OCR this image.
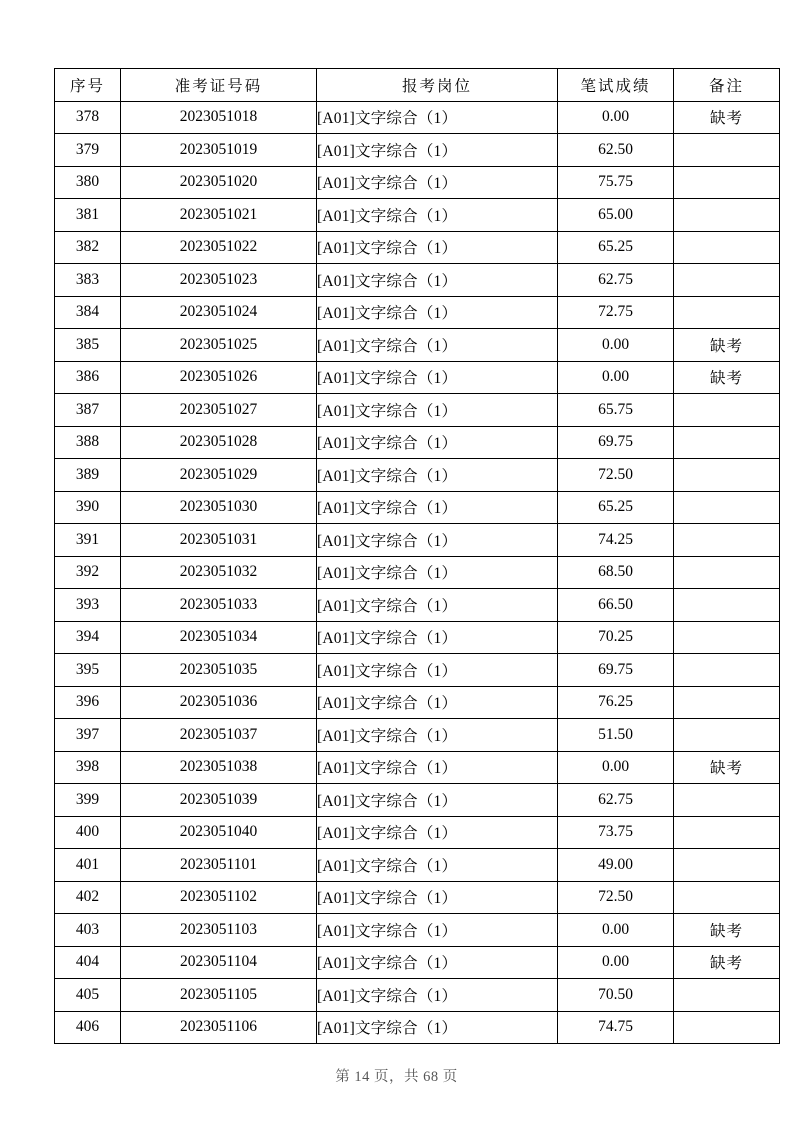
序号	准考证号码	报考岗位	笔试成绩	备注
378	2023051018	[A01]文字综合（1）	0.00	缺考
379	2023051019	[A01]文字综合（1）	62.50	
380	2023051020	[A01]文字综合（1）	75.75	
381	2023051021	[A01]文字综合（1）	65.00	
382	2023051022	[A01]文字综合（1）	65.25	
383	2023051023	[A01]文字综合（1）	62.75	
384	2023051024	[A01]文字综合（1）	72.75	
385	2023051025	[A01]文字综合（1）	0.00	缺考
386	2023051026	[A01]文字综合（1）	0.00	缺考
387	2023051027	[A01]文字综合（1）	65.75	
388	2023051028	[A01]文字综合（1）	69.75	
389	2023051029	[A01]文字综合（1）	72.50	
390	2023051030	[A01]文字综合（1）	65.25	
391	2023051031	[A01]文字综合（1）	74.25	
392	2023051032	[A01]文字综合（1）	68.50	
393	2023051033	[A01]文字综合（1）	66.50	
394	2023051034	[A01]文字综合（1）	70.25	
395	2023051035	[A01]文字综合（1）	69.75	
396	2023051036	[A01]文字综合（1）	76.25	
397	2023051037	[A01]文字综合（1）	51.50	
398	2023051038	[A01]文字综合（1）	0.00	缺考
399	2023051039	[A01]文字综合（1）	62.75	
400	2023051040	[A01]文字综合（1）	73.75	
401	2023051101	[A01]文字综合（1）	49.00	
402	2023051102	[A01]文字综合（1）	72.50	
403	2023051103	[A01]文字综合（1）	0.00	缺考
404	2023051104	[A01]文字综合（1）	0.00	缺考
405	2023051105	[A01]文字综合（1）	70.50	
406	2023051106	[A01]文字综合（1）	74.75	
第 14 页，共 68 页
